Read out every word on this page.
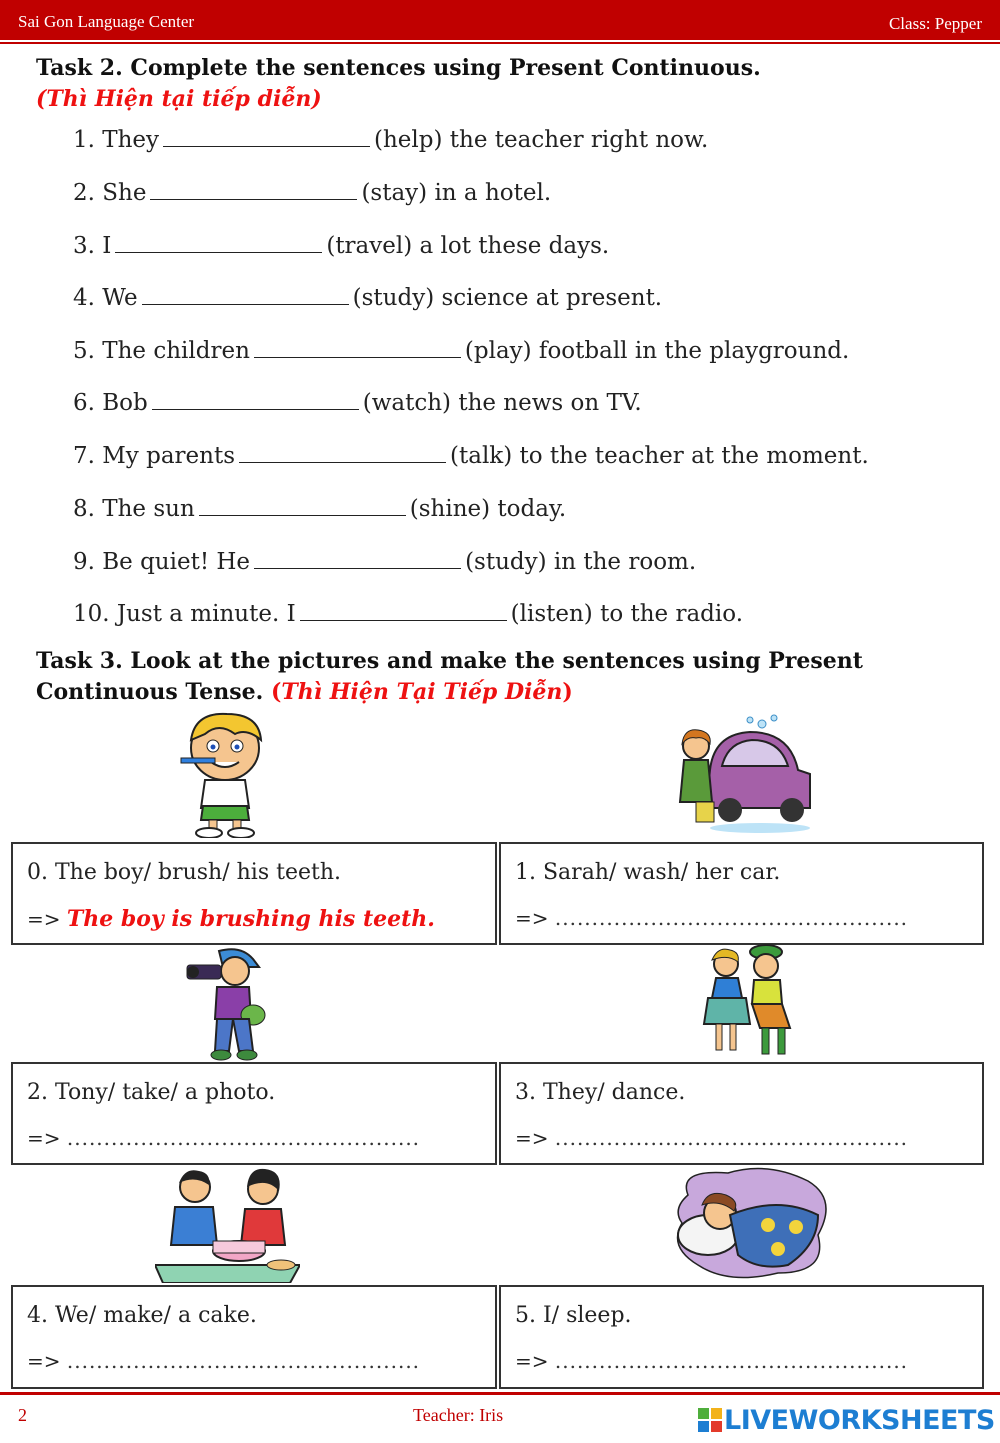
Sai Gon Language Center	Class: Pepper
Task 2. Complete the sentences using Present Continuous.
(Thì Hiện tại tiếp diễn)
1. They	(help) the teacher right now.
2. She	(stay) in a hotel.
3. I	(travel) a lot these days.
4. We	(study) science at present.
5. The children	(play) football in the playground.
6. Bob	(watch) the news on TV.
7. My parents	(talk) to the teacher at the moment.
8. The sun	(shine) today.
9. Be quiet! He	(study) in the room.
10. Just a minute. I	(listen) to the radio.
Task 3. Look at the pictures and make the sentences using Present
Continuous Tense. (Thì Hiện Tại Tiếp Diễn)
0. The boy/ brush/ his teeth.
=> The boy is brushing his teeth.
1. Sarah/ wash/ her car.
=> ................................................
2. Tony/ take/ a photo.
=> ................................................
3. They/ dance.
=> ................................................
4. We/ make/ a cake.
=> ................................................
5. I/ sleep.
=> ................................................
2	Teacher: Iris	LIVEWORKSHEETS
